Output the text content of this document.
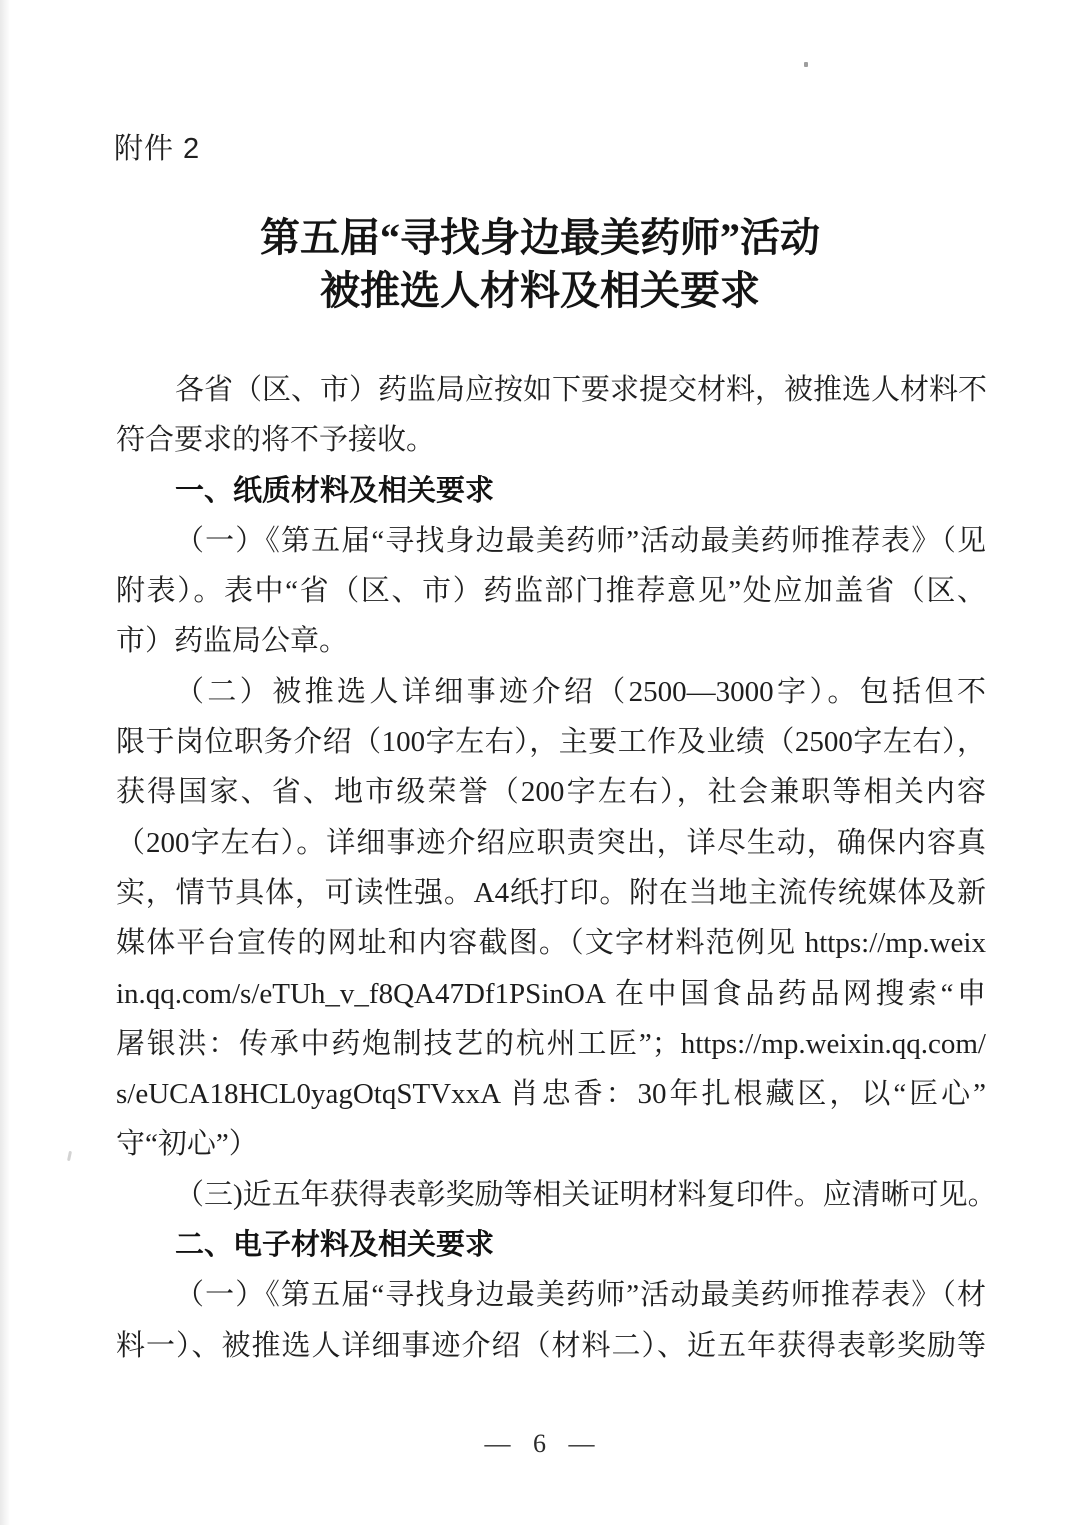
附件 2
第五届“寻找身边最美药师”活动
被推选人材料及相关要求
各省（区、市）药监局应按如下要求提交材料，被推选人材料不
符合要求的将不予接收。
一、纸质材料及相关要求
（一）《第五届“寻找身边最美药师”活动最美药师推荐表》（见
附表）。表中“省（区、市）药监部门推荐意见”处应加盖省（区、
市）药监局公章。
（二）被推选人详细事迹介绍（2500—3000字）。包括但不
限于岗位职务介绍（100字左右），主要工作及业绩（2500字左右），
获得国家、省、地市级荣誉（200字左右），社会兼职等相关内容
（200字左右）。详细事迹介绍应职责突出，详尽生动，确保内容真
实，情节具体，可读性强。A4纸打印。附在当地主流传统媒体及新
媒体平台宣传的网址和内容截图。（文字材料范例见 https://mp.weix
in.qq.com/s/eTUh_v_f8QA47Df1PSinOA 在中国食品药品网搜索“申
屠银洪：传承中药炮制技艺的杭州工匠”；https://mp.weixin.qq.com/
s/eUCA18HCL0yagOtqSTVxxA 肖忠香：30年扎根藏区，以“匠心”
守“初心”）
（三)近五年获得表彰奖励等相关证明材料复印件。应清晰可见。
二、电子材料及相关要求
（一）《第五届“寻找身边最美药师”活动最美药师推荐表》（材
料一）、被推选人详细事迹介绍（材料二）、近五年获得表彰奖励等
— 6 —
